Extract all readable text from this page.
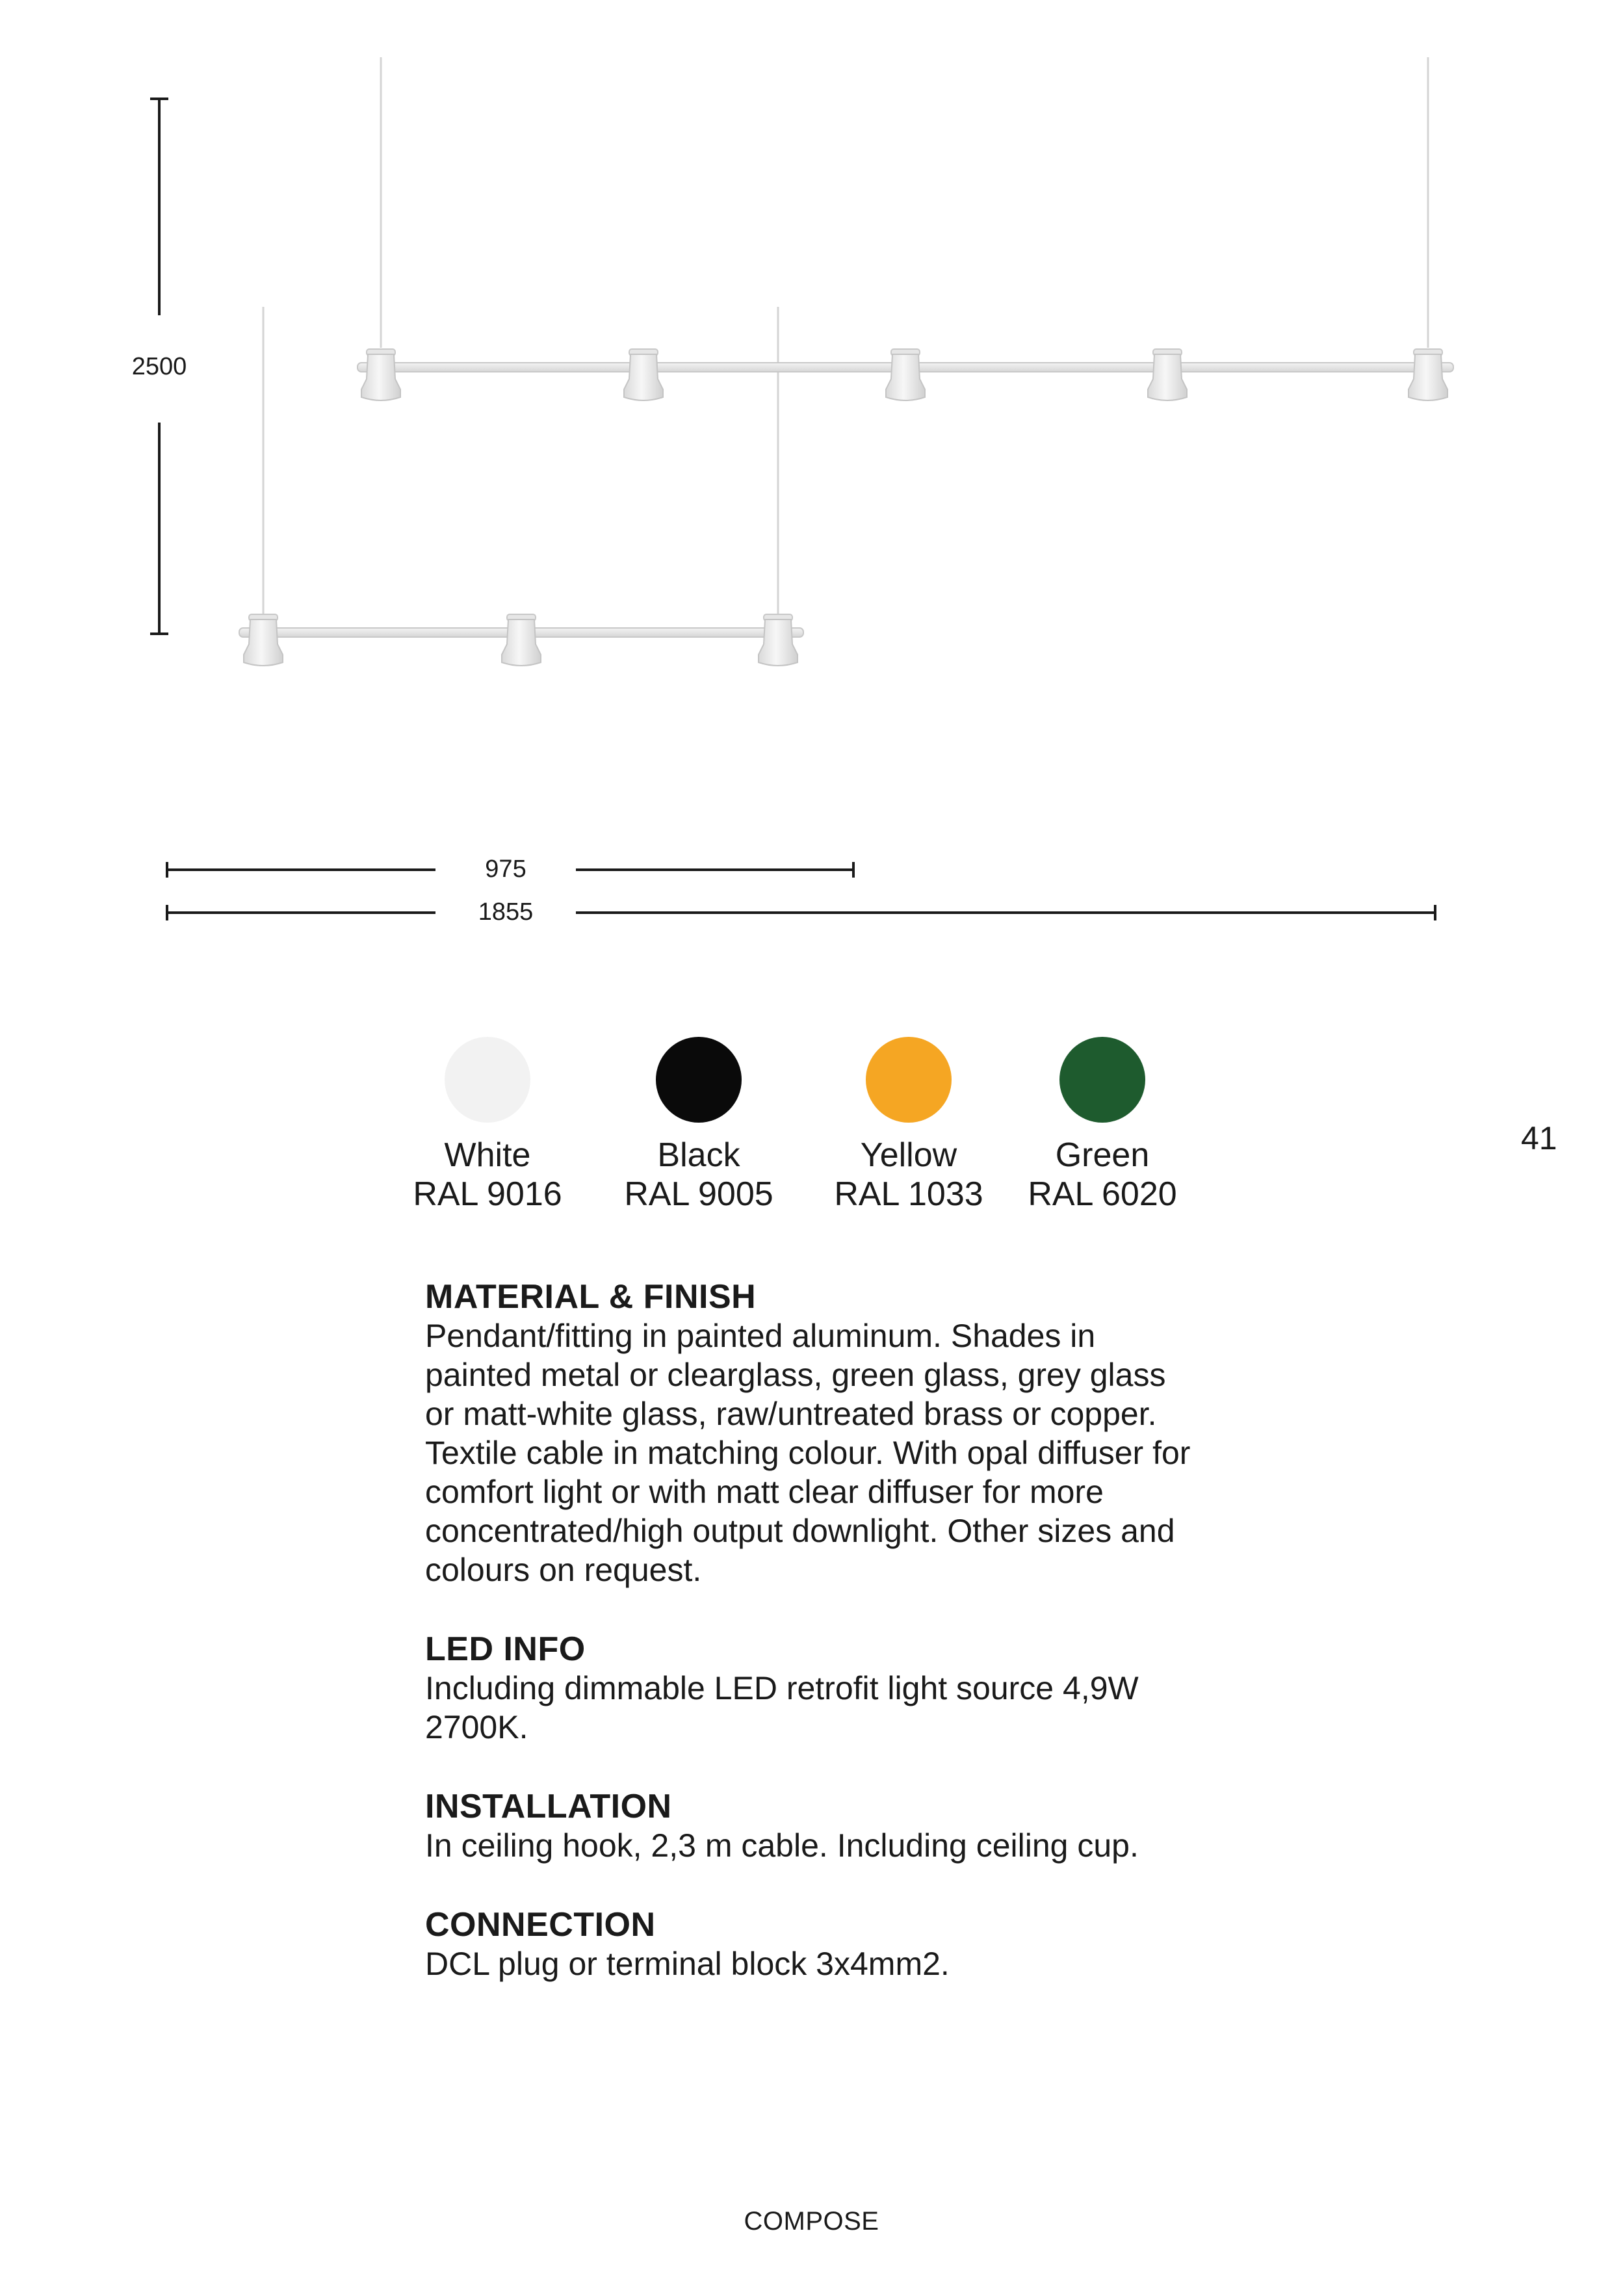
2500
975
1855
41
White
RAL 9016
Black
RAL 9005
Yellow
RAL 1033
Green
RAL 6020
MATERIAL & FINISH

Pendant/fitting in painted aluminum. Shades in painted metal or clearglass, green glass, grey glass or matt-white glass, raw/untreated brass or copper. Textile cable in matching colour. With opal diffuser for comfort light or with matt clear diffuser for more concentrated/high output downlight. Other sizes and colours on request.

LED INFO

Including dimmable LED retrofit light source 4,9W 2700K.

INSTALLATION

In ceiling hook, 2,3 m cable. Including ceiling cup.

CONNECTION

DCL plug or terminal block 3x4mm2.

COMPOSE
